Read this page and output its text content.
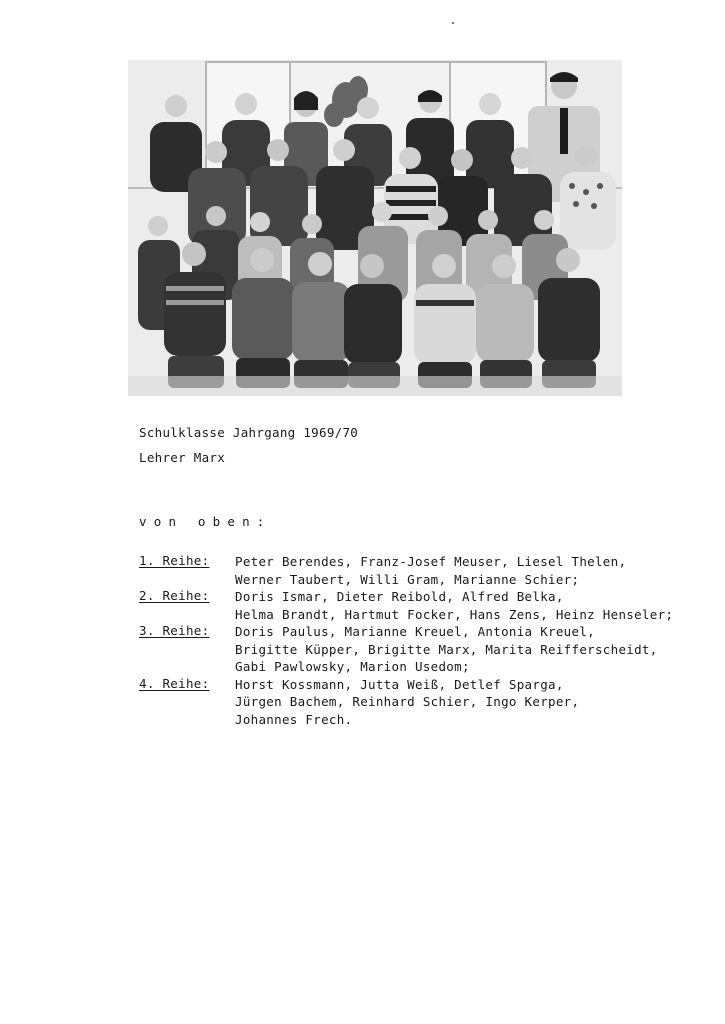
Schulklasse Jahrgang 1969/70
Lehrer Marx
von oben:
1. Reihe:	Peter Berendes, Franz-Josef Meuser, Liesel Thelen,
Werner Taubert, Willi Gram, Marianne Schier;
2. Reihe:	Doris Ismar, Dieter Reibold, Alfred Belka,
Helma Brandt, Hartmut Focker, Hans Zens, Heinz Henseler;
3. Reihe:	Doris Paulus, Marianne Kreuel, Antonia Kreuel,
Brigitte Küpper, Brigitte Marx, Marita Reifferscheidt,
Gabi Pawlowsky, Marion Usedom;
4. Reihe:	Horst Kossmann, Jutta Weiß, Detlef Sparga,
Jürgen Bachem, Reinhard Schier, Ingo Kerper,
Johannes Frech.
